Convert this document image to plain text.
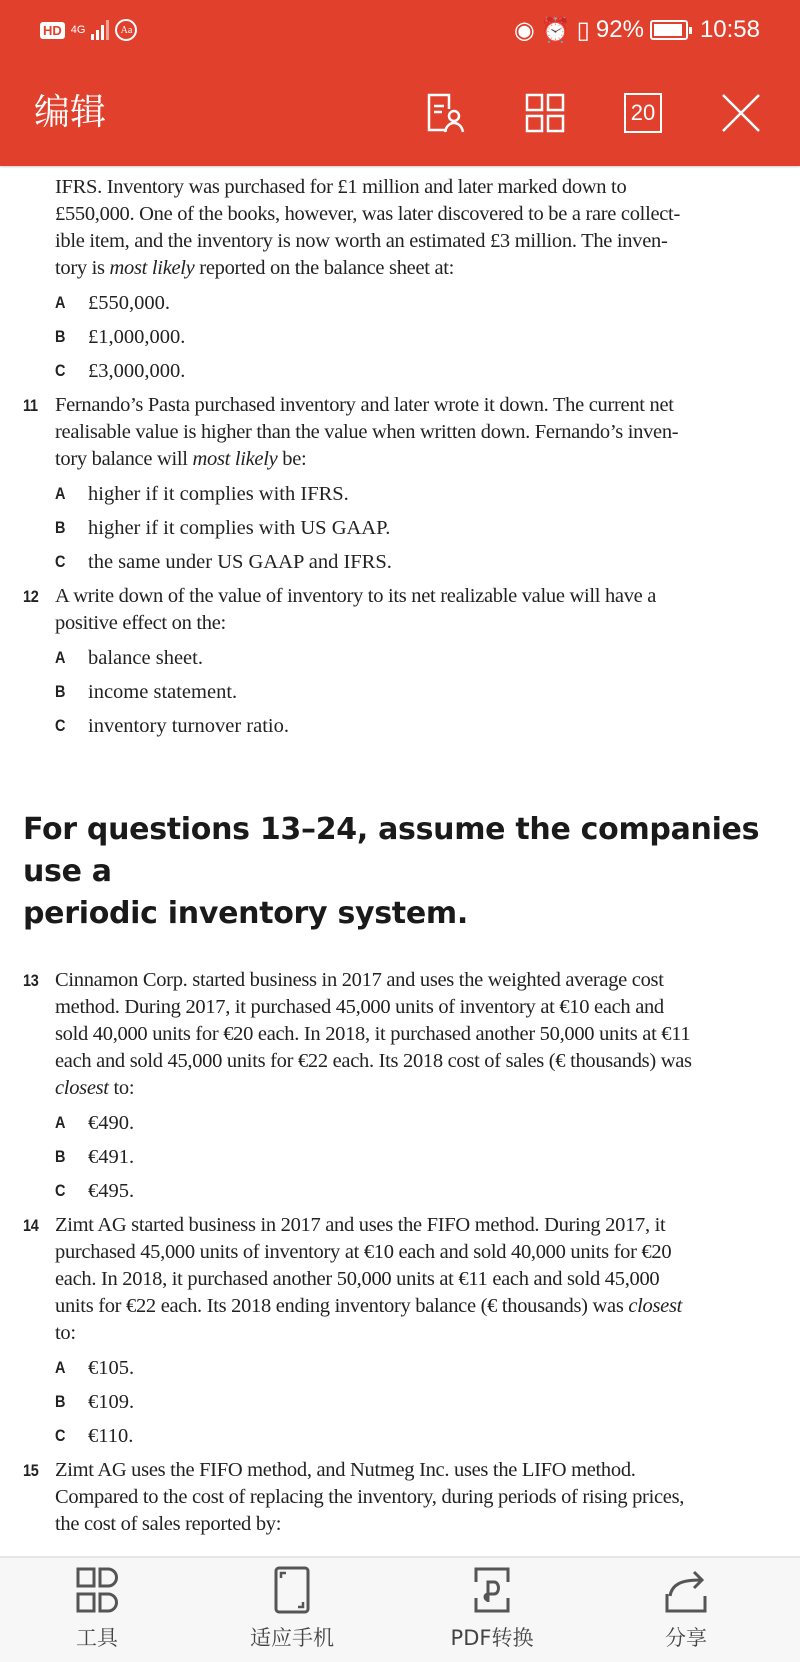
HD 4G	Aa	◉ ⏰ ▯ 92% 10:58
编辑	20
IFRS. Inventory was purchased for £1 million and later marked down to
£550,000. One of the books, however, was later discovered to be a rare collect-
ible item, and the inventory is now worth an estimated £3 million. The inven-
tory is most likely reported on the balance sheet at:
A	£550,000.
B	£1,000,000.
C	£3,000,000.
11 Fernando’s Pasta purchased inventory and later wrote it down. The current net
realisable value is higher than the value when written down. Fernando’s inven-
tory balance will most likely be:
A	higher if it complies with IFRS.
B	higher if it complies with US GAAP.
C	the same under US GAAP and IFRS.
12 A write down of the value of inventory to its net realizable value will have a
positive effect on the:
A	balance sheet.
B	income statement.
C	inventory turnover ratio.
For questions 13–24, assume the companies use a
periodic inventory system.
13 Cinnamon Corp. started business in 2017 and uses the weighted average cost
method. During 2017, it purchased 45,000 units of inventory at €10 each and
sold 40,000 units for €20 each. In 2018, it purchased another 50,000 units at €11
each and sold 45,000 units for €22 each. Its 2018 cost of sales (€ thousands) was
closest to:
A	€490.
B	€491.
C	€495.
14 Zimt AG started business in 2017 and uses the FIFO method. During 2017, it
purchased 45,000 units of inventory at €10 each and sold 40,000 units for €20
each. In 2018, it purchased another 50,000 units at €11 each and sold 45,000
units for €22 each. Its 2018 ending inventory balance (€ thousands) was closest
to:
A	€105.
B	€109.
C	€110.
15 Zimt AG uses the FIFO method, and Nutmeg Inc. uses the LIFO method.
Compared to the cost of replacing the inventory, during periods of rising prices,
the cost of sales reported by:
工具	适应手机	PDF转换	分享
